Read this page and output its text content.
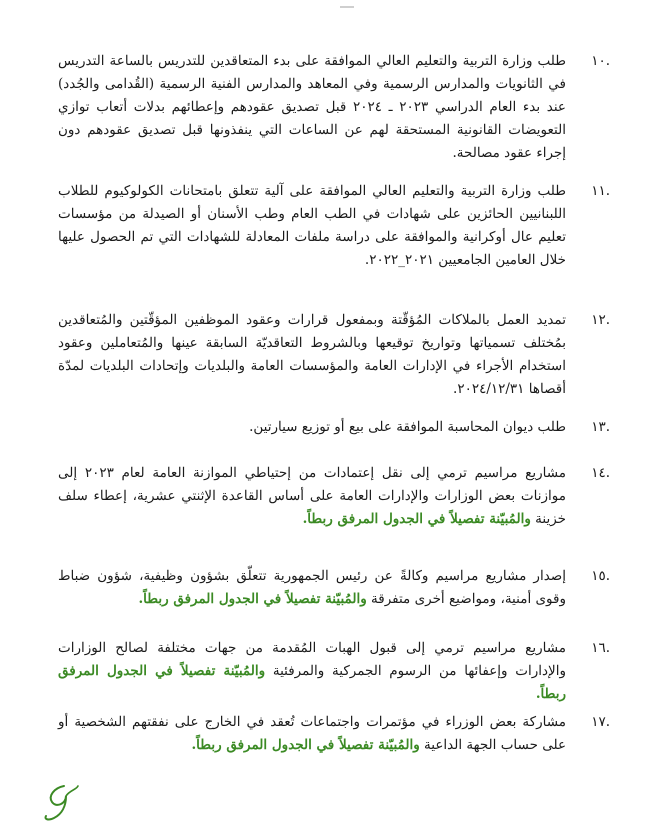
.١٠
طلب وزارة التربية والتعليم العالي الموافقة على بدء المتعاقدين للتدريس بالساعة التدريس في الثانويات والمدارس الرسمية وفي المعاهد والمدارس الفنية الرسمية (القُدامى والجُدد) عند بدء العام الدراسي ٢٠٢٣ ـ ٢٠٢٤ قبل تصديق عقودهم وإعطائهم بدلات أتعاب توازي التعويضات القانونية المستحقة لهم عن الساعات التي ينفذونها قبل تصديق عقودهم دون إجراء عقود مصالحة.
.١١
طلب وزارة التربية والتعليم العالي الموافقة على آلية تتعلق بامتحانات الكولوكيوم للطلاب اللبنانيين الحائزين على شهادات في الطب العام وطب الأسنان أو الصيدلة من مؤسسات تعليم عال أوكرانية والموافقة على دراسة ملفات المعادلة للشهادات التي تم الحصول عليها خلال العامين الجامعيين ٢٠٢١_٢٠٢٢.
.١٢
تمديد العمل بالملاكات المُؤقّتة وبمفعول قرارات وعقود الموظفين المؤقّتين والمُتعاقدين بمُختلف تسمياتها وتواريخ توقيعها وبالشروط التعاقديّة السابقة عينها والمُتعاملين وعقود استخدام الأجراء في الإدارات العامة والمؤسسات العامة والبلديات وإتحادات البلديات لمدّة أقصاها ٢٠٢٤/١٢/٣١.
.١٣
طلب ديوان المحاسبة الموافقة على بيع أو توزيع سيارتين.
.١٤
مشاريع مراسيم ترمي إلى نقل إعتمادات من إحتياطي الموازنة العامة لعام ٢٠٢٣ إلى موازنات بعض الوزارات والإدارات العامة على أساس القاعدة الإثنتي عشرية، إعطاء سلف خزينة والمُبيّنة تفصيلاً في الجدول المرفق ربطاً.
.١٥
إصدار مشاريع مراسيم وكالةً عن رئيس الجمهورية تتعلّق بشؤون وظيفية، شؤون ضباط وقوى أمنية، ومواضيع أخرى متفرقة والمُبيّنة تفصيلاً في الجدول المرفق ربطاً.
.١٦
مشاريع مراسيم ترمي إلى قبول الهبات المُقدمة من جهات مختلفة لصالح الوزارات والإدارات وإعفائها من الرسوم الجمركية والمرفئية والمُبيّنة تفصيلاً في الجدول المرفق ربطاً.
.١٧
مشاركة بعض الوزراء في مؤتمرات واجتماعات تُعقد في الخارج على نفقتهم الشخصية أو على حساب الجهة الداعية والمُبيّنة تفصيلاً في الجدول المرفق ربطاً.
